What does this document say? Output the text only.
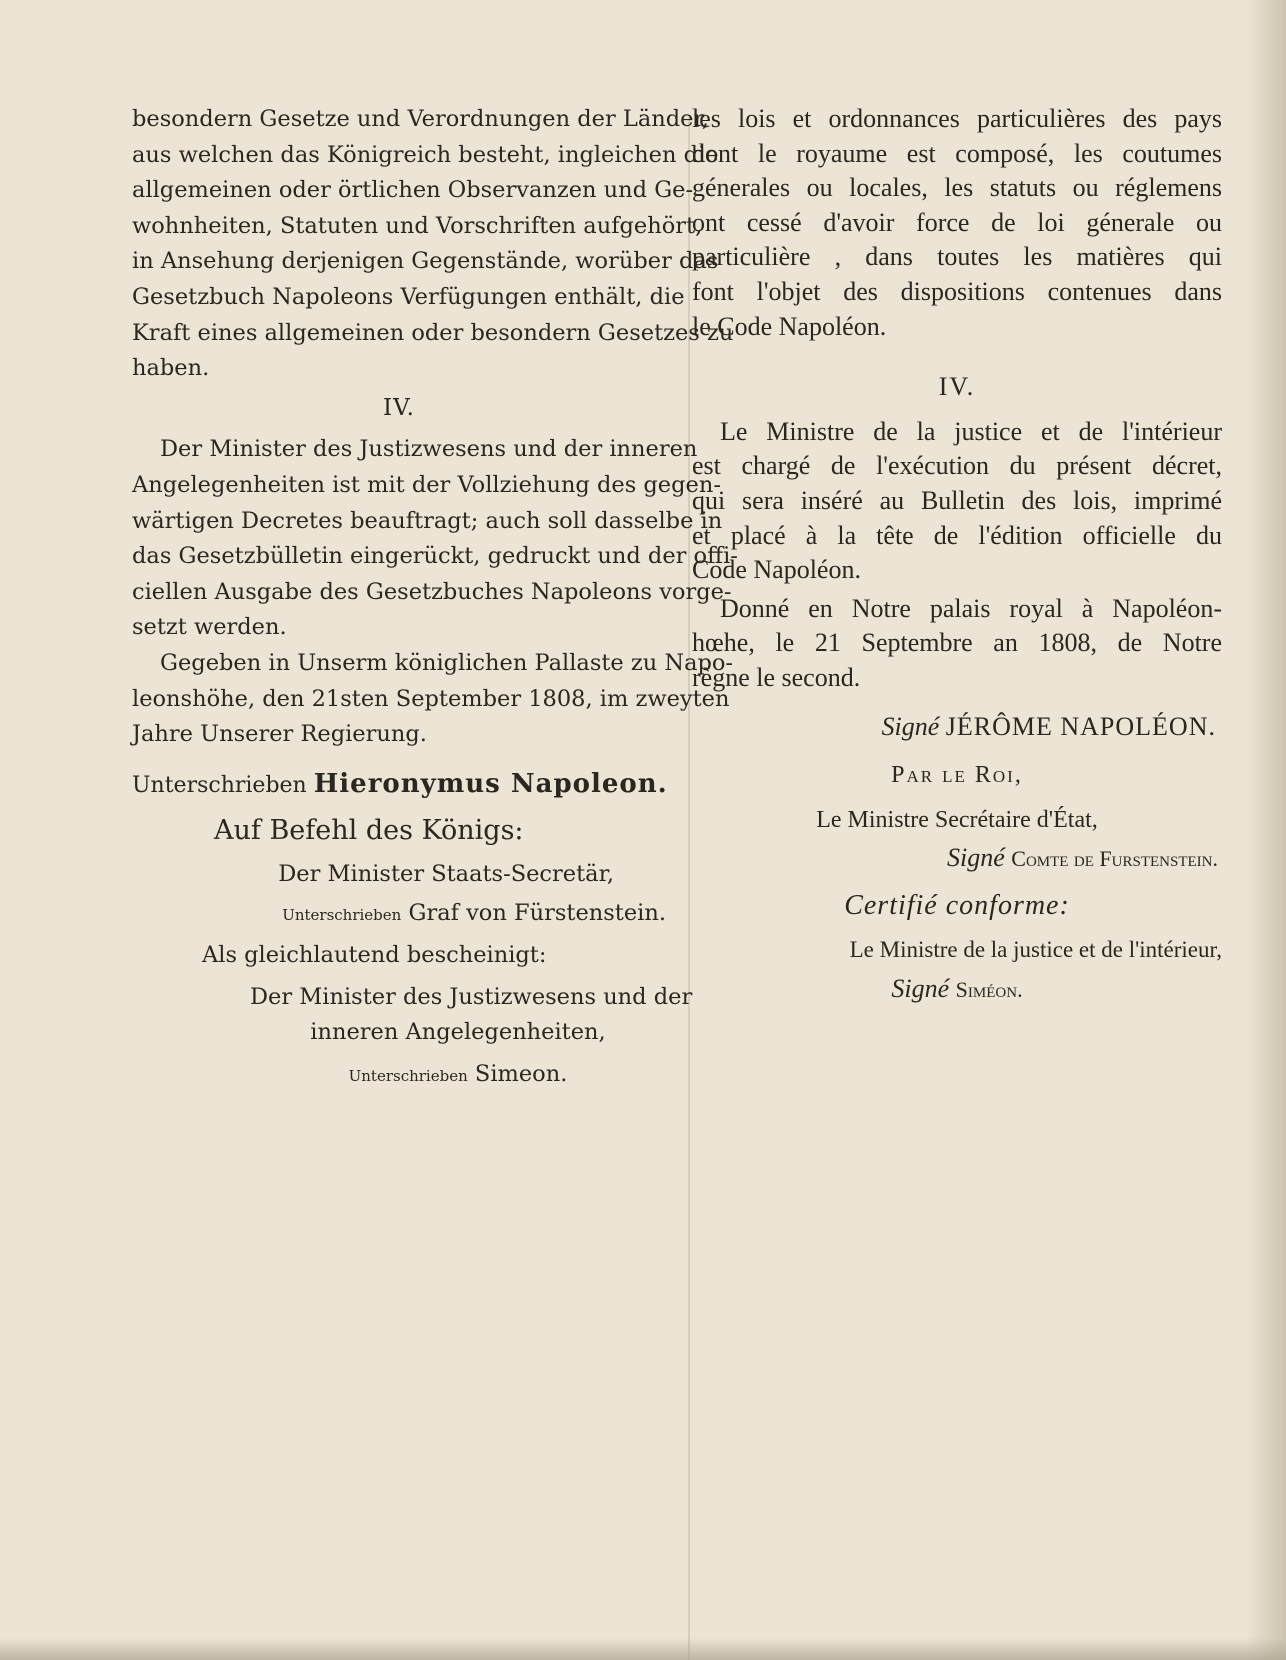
besondern Gesetze und Verordnungen der Länder,
aus welchen das Königreich besteht, ingleichen die
allgemeinen oder örtlichen Observanzen und Ge-
wohnheiten, Statuten und Vorschriften aufgehört,
in Ansehung derjenigen Gegenstände, worüber das
Gesetzbuch Napoleons Verfügungen enthält, die
Kraft eines allgemeinen oder besondern Gesetzes zu
haben.
IV.
Der Minister des Justizwesens und der inneren
Angelegenheiten ist mit der Vollziehung des gegen-
wärtigen Decretes beauftragt; auch soll dasselbe in
das Gesetzbülletin eingerückt, gedruckt und der offi-
ciellen Ausgabe des Gesetzbuches Napoleons vorge-
setzt werden.
Gegeben in Unserm königlichen Pallaste zu Napo-
leonshöhe, den 21sten September 1808, im zweyten
Jahre Unserer Regierung.
Unterschrieben Hieronymus Napoleon.
Auf Befehl des Königs:
Der Minister Staats-Secretär,
Unterschrieben Graf von Fürstenstein.
Als gleichlautend bescheinigt:
Der Minister des Justizwesens und der
inneren Angelegenheiten,
Unterschrieben Simeon.
les lois et ordonnances particulières des pays
dont le royaume est composé, les coutumes
génerales ou locales, les statuts ou réglemens
ont cessé d'avoir force de loi génerale ou
particulière , dans toutes les matières qui
font l'objet des dispositions contenues dans
le Code Napoléon.
IV.
Le Ministre de la justice et de l'intérieur
est chargé de l'exécution du présent décret,
qui sera inséré au Bulletin des lois, imprimé
et placé à la tête de l'édition officielle du
Code Napoléon.
Donné en Notre palais royal à Napoléon-
hœhe, le 21 Septembre an 1808, de Notre
règne le second.
Signé JÉRÔME NAPOLÉON.
Par le Roi,
Le Ministre Secrétaire d'État,
Signé Comte de Furstenstein.
Certifié conforme:
Le Ministre de la justice et de l'intérieur,
Signé Siméon.
